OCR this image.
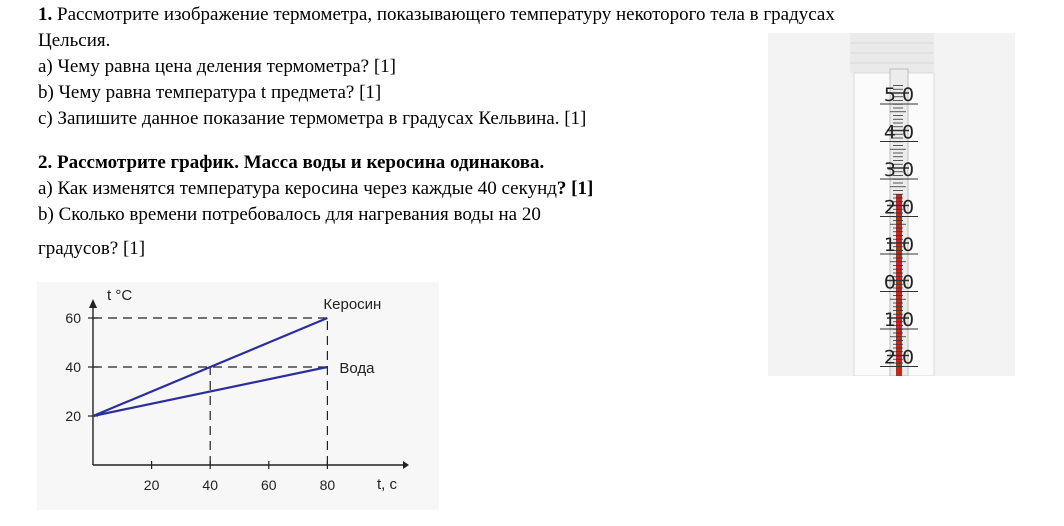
1. Рассмотрите изображение термометра, показывающего температуру некоторого тела в градусах

Цельсия.

a) Чему равна цена деления термометра? [1]

b) Чему равна температура t предмета? [1]

c) Запишите данное показание термометра в градусах Кельвина. [1]

2. Рассмотрите график. Масса воды и керосина одинакова.

a) Как изменятся температура керосина через каждые 40 секунд? [1]

b) Сколько времени потребовалось для нагревания воды на 20

градусов? [1]

20	40	60	80
20
40
60
Керосин
Вода
t °C
t, c
5 0
4 0
3 0
2 0
1 0
0 0
1 0
2 0
